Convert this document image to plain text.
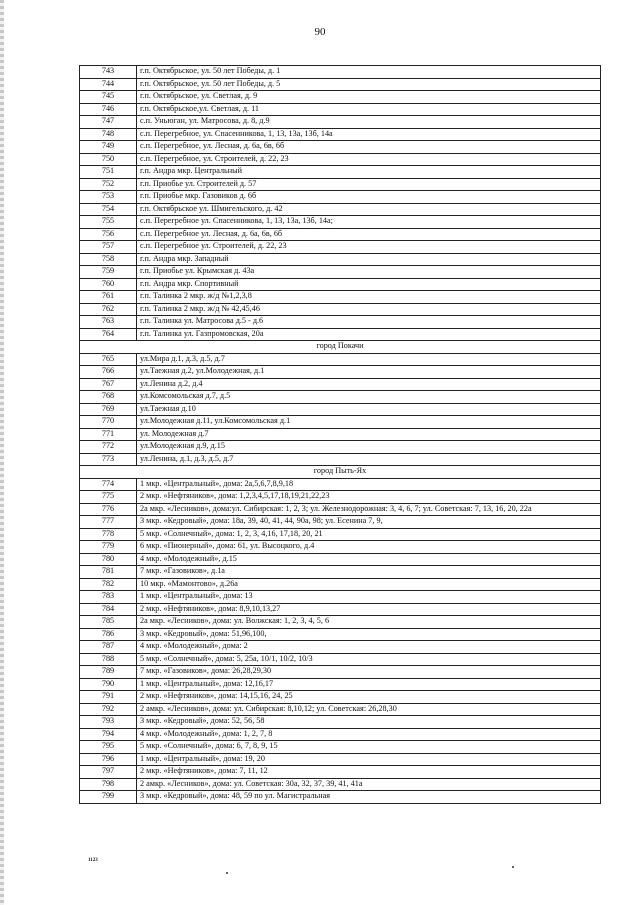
90
743	г.п. Октябрьское, ул. 50 лет Победы, д. 1
744	г.п. Октябрьское, ул. 50 лет Победы, д. 5
745	г.п. Октябрьское, ул. Светлая, д. 9
746	г.п. Октябрьское,ул. Светлая, д. 11
747	с.п. Уньюган, ул. Матросова, д. 8, д.9
748	с.п. Перегребное, ул. Спасенникова, 1, 13, 13а, 13б, 14а
749	с.п. Перегребное, ул. Лесная, д. 6а, 6в, 6б
750	с.п. Перегребное, ул. Строителей, д. 22, 23
751	г.п. Андра мкр. Центральный
752	г.п. Приобье ул. Строителей д. 57
753	г.п. Приобье мкр. Газовиков д. 6б
754	г.п. Октябрьское ул. Шмигельского, д. 42
755	с.п. Перегребное ул. Спасенникова, 1, 13, 13а, 13б, 14а;
756	с.п. Перегребное ул. Лесная, д. 6а, 6в, 6б
757	с.п. Перегребное ул. Строителей, д. 22, 23
758	г.п. Андра мкр. Западный
759	г.п. Приобье ул. Крымская д. 43а
760	г.п. Андра мкр. Спортивный
761	г.п. Талинка 2 мкр. ж/д №1,2,3,8
762	г.п. Талинка 2 мкр. ж/д № 42,45,46
763	г.п. Талинка ул. Матросова д.5 - д.6
764	г.п. Талинка ул. Газпромовская, 20а
город Покачи	
765	ул.Мира д.1, д.3, д.5, д.7
766	ул.Таежная д.2, ул.Молодежная, д.1
767	ул.Ленина д.2, д.4
768	ул.Комсомольская д.7, д.5
769	ул.Таежная д.10
770	ул.Молодежная д.11, ул.Комсомольская д.1
771	ул. Молодежная д.7
772	ул.Молодежная д.9, д.15
773	ул.Ленина, д.1, д.3, д.5, д.7
город Пыть-Ях	
774	1 мкр. «Центральный», дома: 2а,5,6,7,8,9,18
775	2 мкр. «Нефтяников», дома: 1,2,3,4,5,17,18,19,21,22,23
776	2а мкр. «Лесников», дома:ул. Сибирская: 1, 2, 3; ул. Железнодорожная: 3, 4, 6, 7; ул. Советская: 7, 13, 16, 20, 22а
777	3 мкр. «Кедровый», дома: 18а, 39, 40, 41, 44, 90а, 98; ул. Есенина 7, 9,
778	5 мкр. «Солнечный», дома: 1, 2, 3, 4,16, 17,18, 20, 21
779	6 мкр. «Пионерный», дома: 61, ул. Высоцкого, д.4
780	4 мкр. «Молодежный», д.15
781	7 мкр. «Газовиков», д.1а
782	10 мкр. «Мамонтово», д.26а
783	1 мкр. «Центральный», дома: 13
784	2 мкр. «Нефтяников», дома: 8,9,10,13,27
785	2а мкр. «Лесников», дома: ул. Волжская: 1, 2, 3, 4, 5, 6
786	3 мкр. «Кедровый», дома: 51,96,100,
787	4 мкр. «Молодежный», дома: 2
788	5 мкр. «Солнечный», дома: 5, 25а, 10/1, 10/2, 10/3
789	7 мкр. «Газовиков», дома: 26,28,29,30
790	1 мкр. «Центральный», дома: 12,16,17
791	2 мкр. «Нефтяников», дома: 14,15,16, 24, 25
792	2 амкр. «Лесников», дома: ул. Сибирская: 8,10,12; ул. Советская: 26,28,30
793	3 мкр. «Кедровый», дома: 52, 56, 58
794	4 мкр. «Молодежный», дома: 1, 2, 7, 8
795	5 мкр. «Солнечный», дома: 6, 7, 8, 9, 15
796	1 мкр. «Центральный», дома: 19, 20
797	2 мкр. «Нефтяников», дома: 7, 11, 12
798	2 амкр. «Лесников», дома: ул. Советская: 30а, 32, 37, 39, 41, 41а
799	3 мкр. «Кедровый», дома: 48, 59 по ул. Магистральная
1123
